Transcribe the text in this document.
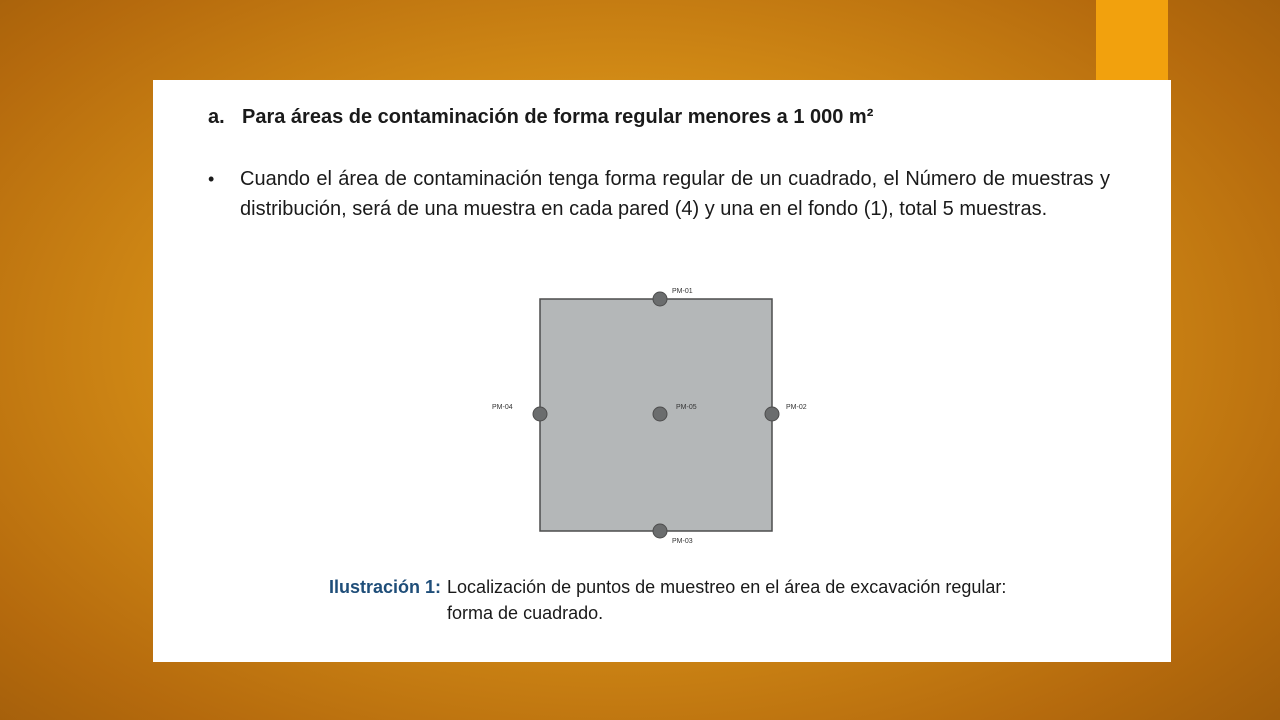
a. Para áreas de contaminación de forma regular menores a 1 000 m²
•	Cuando el área de contaminación tenga forma regular de un cuadrado, el Número de muestras y distribución, será de una muestra en cada pared (4) y una en el fondo (1), total 5 muestras.
PM-01
PM-02
PM-03
PM-04	PM-05
Ilustración 1: Localización de puntos de muestreo en el área de excavación regular: forma de cuadrado.
